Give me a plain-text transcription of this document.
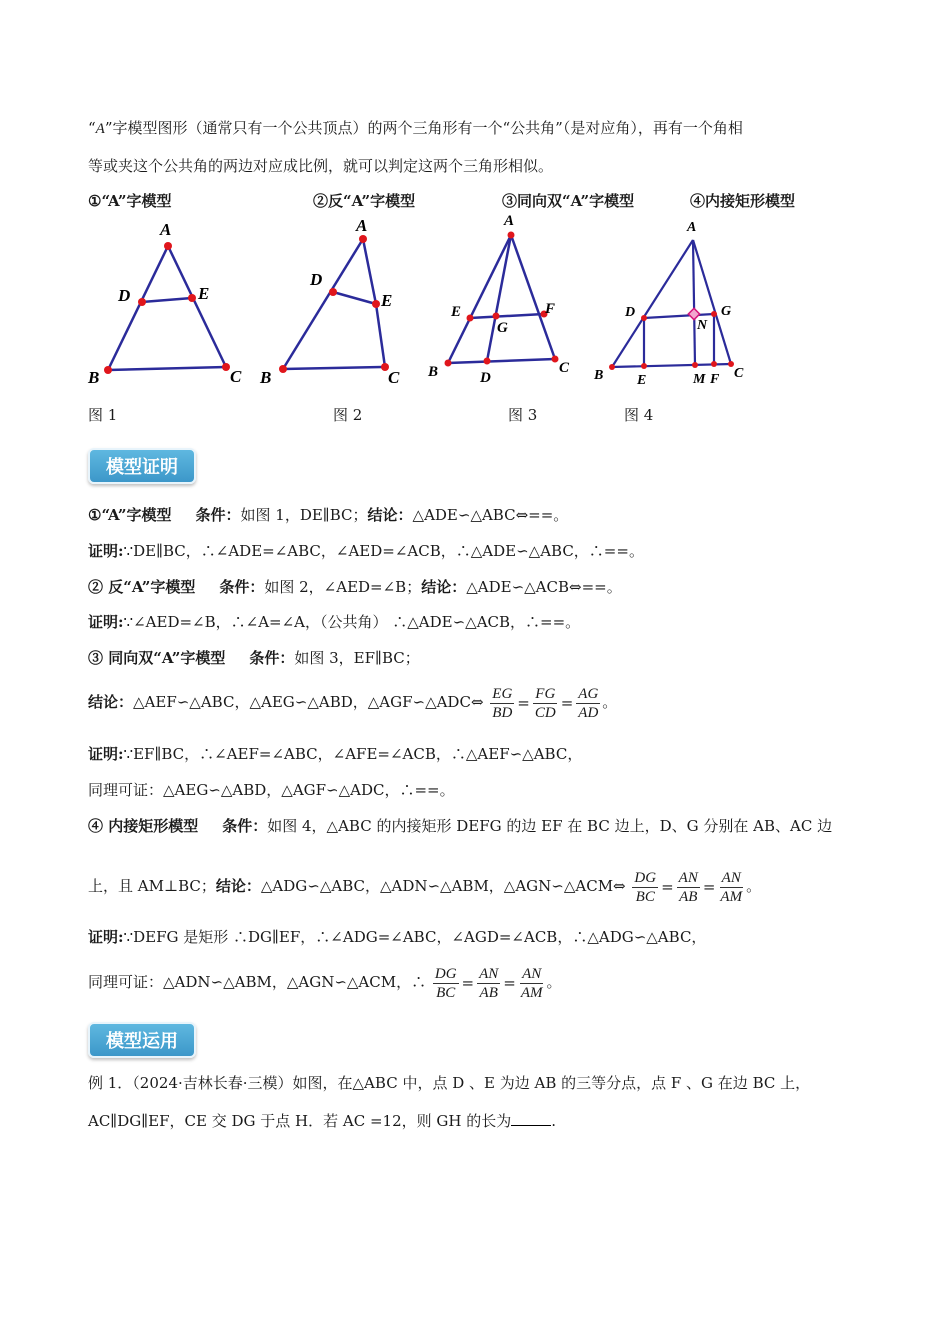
“A”字模型图形（通常只有一个公共顶点）的两个三角形有一个“公共角”（是对应角），再有一个角相
等或夹这个公共角的两边对应成比例，就可以判定这两个三角形相似。
①“A”字模型	②反“A”字模型	③同向双“A”字模型	④内接矩形模型
A
D	E
B	C
A
D
E
B	C
A
E	F
G
B	D
C
A
D	G
N
B E	M F C
图 1	图 2	图 3	图 4
模型证明
①“A”字模型 条件：如图 1，DE∥BC；结论：△ADE∽△ABC⇔==。
证明:∵DE∥BC，∴∠ADE=∠ABC，∠AED=∠ACB，∴△ADE∽△ABC，∴==。
② 反“A”字模型 条件：如图 2，∠AED=∠B；结论：△ADE∽△ACB⇔==。
证明:∵∠AED=∠B，∴∠A=∠A，（公共角） ∴△ADE∽△ACB，∴==。
③ 同向双“A”字模型 条件：如图 3，EF∥BC；
结论：△AEF∽△ABC，△AEG∽△ABD，△AGF∽△ADC⇔ $\frac{EG}{BD} = \frac{FG}{CD} = \frac{AG}{AD}$ 。
证明:∵EF∥BC，∴∠AEF=∠ABC，∠AFE=∠ACB，∴△AEF∽△ABC，
同理可证：△AEG∽△ABD，△AGF∽△ADC，∴==。
④ 内接矩形模型 条件：如图 4，△ABC 的内接矩形 DEFG 的边 EF 在 BC 边上，D、G 分别在 AB、AC 边
上，且 AM⊥BC；结论：△ADG∽△ABC，△ADN∽△ABM，△AGN∽△ACM⇔ $\frac{DG}{BC} = \frac{AN}{AB} = \frac{AN}{AM}$ 。
证明:∵DEFG 是矩形 ∴DG∥EF，∴∠ADG=∠ABC，∠AGD=∠ACB，∴△ADG∽△ABC，
同理可证：△ADN∽△ABM，△AGN∽△ACM，∴ $\frac{DG}{BC} = \frac{AN}{AB} = \frac{AN}{AM}$ 。
模型运用
例 1．（2024·吉林长春·三模）如图，在△ABC 中，点 D 、E 为边 AB 的三等分点，点 F 、G 在边 BC 上，
AC∥DG∥EF，CE 交 DG 于点 H．若 AC =12，则 GH 的长为	.
